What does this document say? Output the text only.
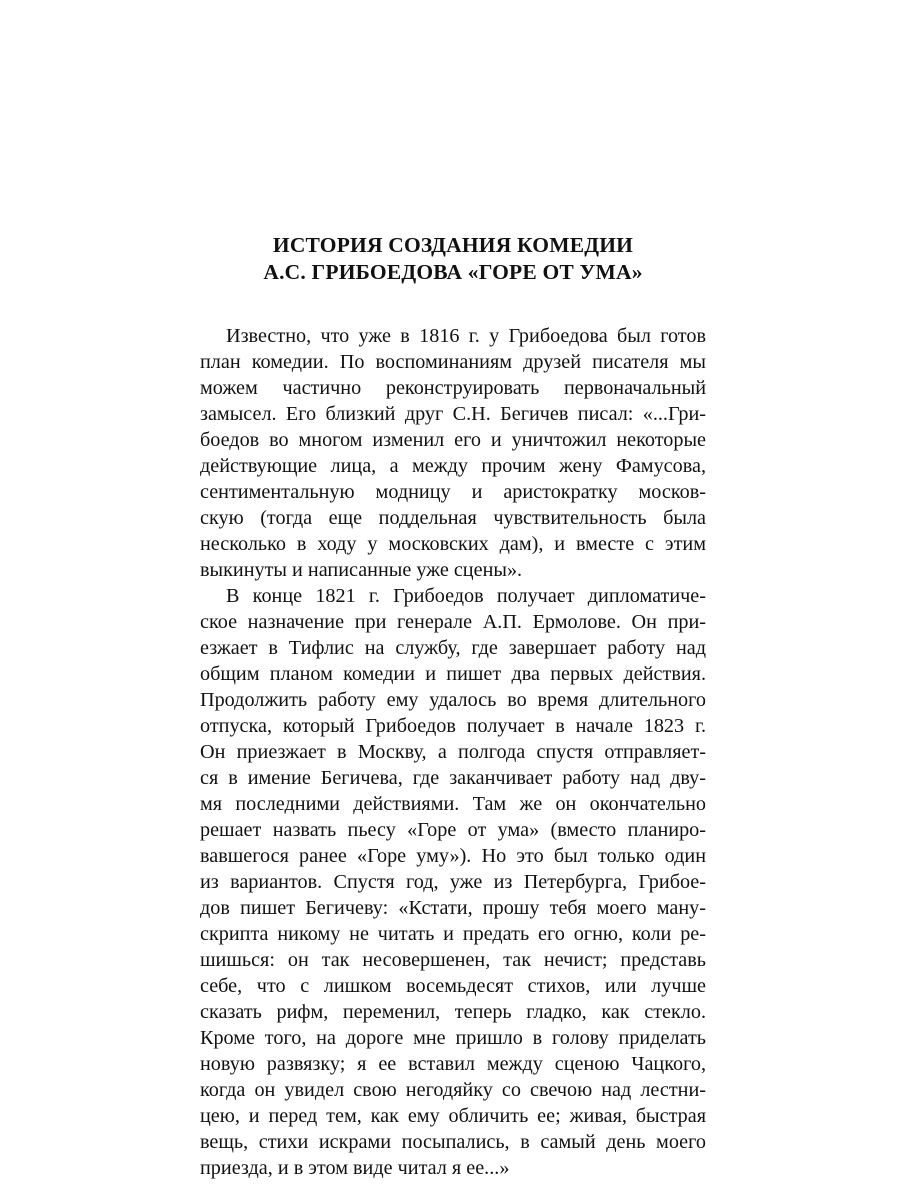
ИСТОРИЯ СОЗДАНИЯ КОМЕДИИ
А.С. ГРИБОЕДОВА «ГОРЕ ОТ УМА»
Известно, что уже в 1816 г. у Грибоедова был готов
план комедии. По воспоминаниям друзей писателя мы
можем частично реконструировать первоначальный
замысел. Его близкий друг С.Н. Бегичев писал: «...Гри-
боедов во многом изменил его и уничтожил некоторые
действующие лица, а между прочим жену Фамусова,
сентиментальную модницу и аристократку москов-
скую (тогда еще поддельная чувствительность была
несколько в ходу у московских дам), и вместе с этим
выкинуты и написанные уже сцены».
В конце 1821 г. Грибоедов получает дипломатиче-
ское назначение при генерале А.П. Ермолове. Он при-
езжает в Тифлис на службу, где завершает работу над
общим планом комедии и пишет два первых действия.
Продолжить работу ему удалось во время длительного
отпуска, который Грибоедов получает в начале 1823 г.
Он приезжает в Москву, а полгода спустя отправляет-
ся в имение Бегичева, где заканчивает работу над дву-
мя последними действиями. Там же он окончательно
решает назвать пьесу «Горе от ума» (вместо планиро-
вавшегося ранее «Горе уму»). Но это был только один
из вариантов. Спустя год, уже из Петербурга, Грибое-
дов пишет Бегичеву: «Кстати, прошу тебя моего ману-
скрипта никому не читать и предать его огню, коли ре-
шишься: он так несовершенен, так нечист; представь
себе, что с лишком восемьдесят стихов, или лучше
сказать рифм, переменил, теперь гладко, как стекло.
Кроме того, на дороге мне пришло в голову приделать
новую развязку; я ее вставил между сценою Чацкого,
когда он увидел свою негодяйку со свечою над лестни-
цею, и перед тем, как ему обличить ее; живая, быстрая
вещь, стихи искрами посыпались, в самый день моего
приезда, и в этом виде читал я ее...»
